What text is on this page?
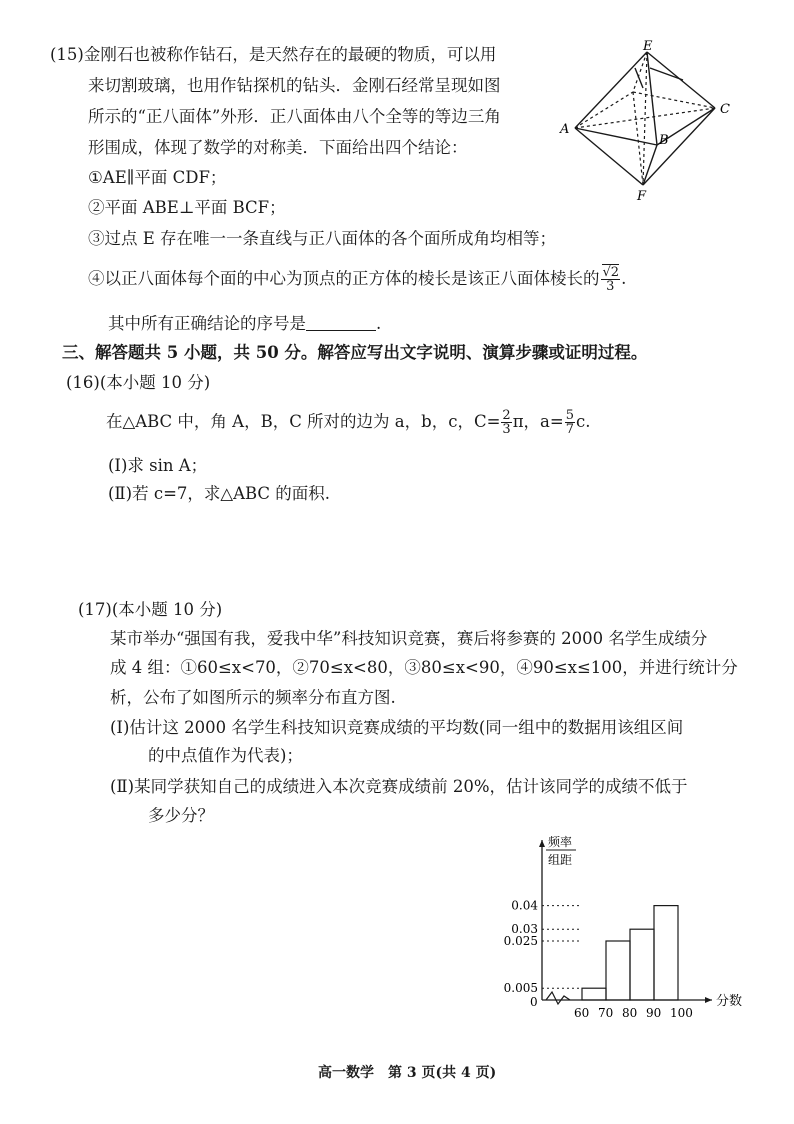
(15)金刚石也被称作钻石，是天然存在的最硬的物质，可以用
来切割玻璃，也用作钻探机的钻头．金刚石经常呈现如图
所示的“正八面体”外形．正八面体由八个全等的等边三角
形围成，体现了数学的对称美．下面给出四个结论：
①AE∥平面 CDF；
②平面 ABE⊥平面 BCF；
③过点 E 存在唯一一条直线与正八面体的各个面所成角均相等；
④以正八面体每个面的中心为顶点的正方体的棱长是该正八面体棱长的 $\frac{√2}{3}$ .
其中所有正确结论的序号是	.
E
A
B
C
F
三、解答题共 5 小题，共 50 分。解答应写出文字说明、演算步骤或证明过程。
(16)(本小题 10 分)
在△ABC 中，角 A，B，C 所对的边为 a，b，c，$C= \frac{2}{3}$ π，$a= \frac{5}{7} c$.
(Ⅰ)求 sin A；
(Ⅱ)若 c=7，求△ABC 的面积.
(17)(本小题 10 分)
某市举办“强国有我，爱我中华”科技知识竞赛，赛后将参赛的 2000 名学生成绩分
成 4 组：①60≤x<70，②70≤x<80，③80≤x<90，④90≤x≤100，并进行统计分
析，公布了如图所示的频率分布直方图.
(Ⅰ)估计这 2000 名学生科技知识竞赛成绩的平均数(同一组中的数据用该组区间
的中点值作为代表)；
(Ⅱ)某同学获知自己的成绩进入本次竞赛成绩前 20%，估计该同学的成绩不低于
多少分？
频率
组距
0	分数
60 70 80 90 100
0.04
0.03
0.025
0.005
高一数学　第 3 页(共 4 页)
